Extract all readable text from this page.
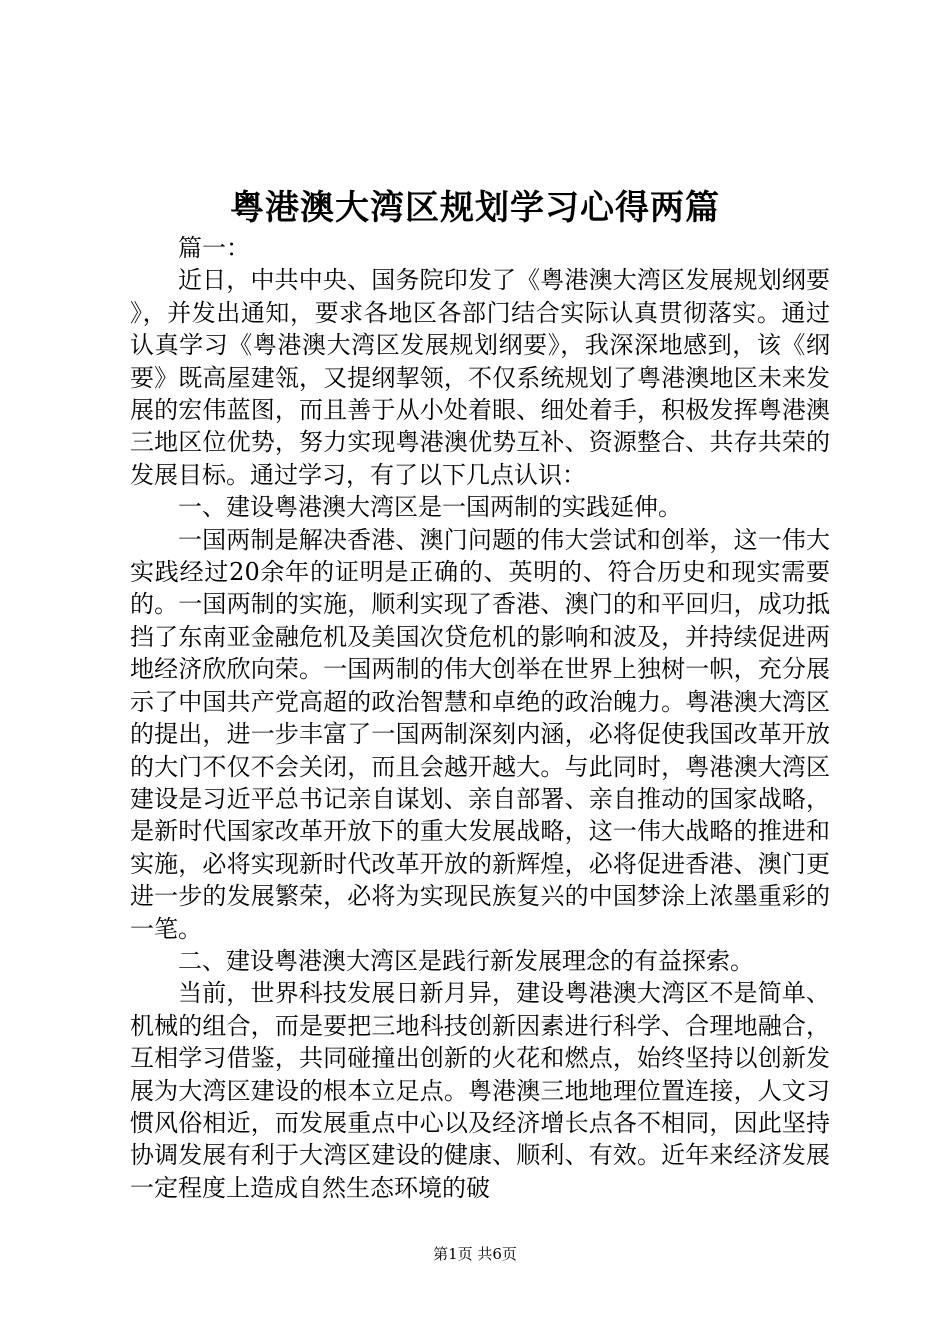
粤港澳大湾区规划学习心得两篇

篇一：

近日，中共中央、国务院印发了《粤港澳大湾区发展规划纲要》，并发出通知，要求各地区各部门结合实际认真贯彻落实。通过认真学习《粤港澳大湾区发展规划纲要》，我深深地感到，该《纲要》既高屋建瓴，又提纲挈领，不仅系统规划了粤港澳地区未来发展的宏伟蓝图，而且善于从小处着眼、细处着手，积极发挥粤港澳三地区位优势，努力实现粤港澳优势互补、资源整合、共存共荣的发展目标。通过学习，有了以下几点认识：

一、建设粤港澳大湾区是一国两制的实践延伸。

一国两制是解决香港、澳门问题的伟大尝试和创举，这一伟大实践经过20余年的证明是正确的、英明的、符合历史和现实需要的。一国两制的实施，顺利实现了香港、澳门的和平回归，成功抵挡了东南亚金融危机及美国次贷危机的影响和波及，并持续促进两地经济欣欣向荣。一国两制的伟大创举在世界上独树一帜，充分展示了中国共产党高超的政治智慧和卓绝的政治魄力。粤港澳大湾区的提出，进一步丰富了一国两制深刻内涵，必将促使我国改革开放的大门不仅不会关闭，而且会越开越大。与此同时，粤港澳大湾区建设是习近平总书记亲自谋划、亲自部署、亲自推动的国家战略，是新时代国家改革开放下的重大发展战略，这一伟大战略的推进和实施，必将实现新时代改革开放的新辉煌，必将促进香港、澳门更进一步的发展繁荣，必将为实现民族复兴的中国梦涂上浓墨重彩的一笔。

二、建设粤港澳大湾区是践行新发展理念的有益探索。

当前，世界科技发展日新月异，建设粤港澳大湾区不是简单、机械的组合，而是要把三地科技创新因素进行科学、合理地融合，互相学习借鉴，共同碰撞出创新的火花和燃点，始终坚持以创新发展为大湾区建设的根本立足点。粤港澳三地地理位置连接，人文习惯风俗相近，而发展重点中心以及经济增长点各不相同，因此坚持协调发展有利于大湾区建设的健康、顺利、有效。近年来经济发展一定程度上造成自然生态环境的破

第1页 共6页
